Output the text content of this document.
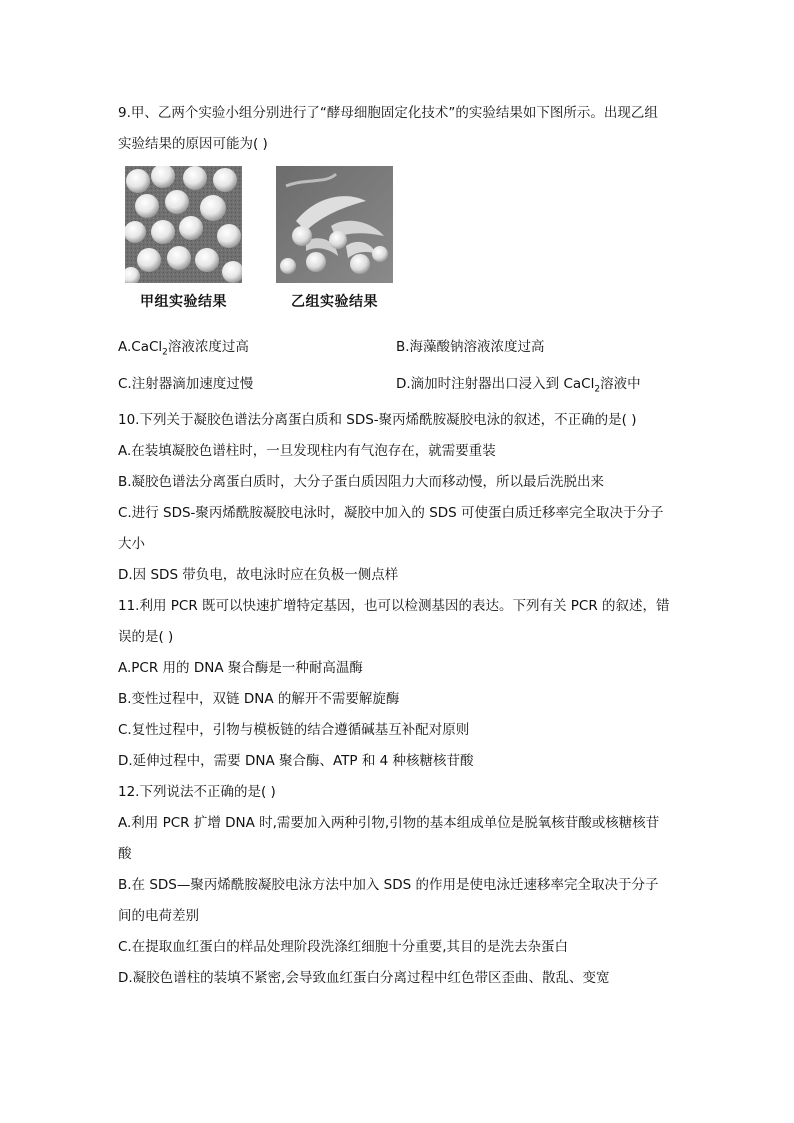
9.甲、乙两个实验小组分别进行了“酵母细胞固定化技术”的实验结果如下图所示。出现乙组
实验结果的原因可能为( )
甲组实验结果	乙组实验结果
A.CaCl$_2$溶液浓度过高	B.海藻酸钠溶液浓度过高
C.注射器滴加速度过慢	D.滴加时注射器出口浸入到 CaCl$_2$溶液中
10.下列关于凝胶色谱法分离蛋白质和 SDS-聚丙烯酰胺凝胶电泳的叙述，不正确的是( )
A.在装填凝胶色谱柱时，一旦发现柱内有气泡存在，就需要重装
B.凝胶色谱法分离蛋白质时，大分子蛋白质因阻力大而移动慢，所以最后洗脱出来
C.进行 SDS-聚丙烯酰胺凝胶电泳时，凝胶中加入的 SDS 可使蛋白质迁移率完全取决于分子
大小
D.因 SDS 带负电，故电泳时应在负极一侧点样
11.利用 PCR 既可以快速扩增特定基因，也可以检测基因的表达。下列有关 PCR 的叙述，错
误的是( )
A.PCR 用的 DNA 聚合酶是一种耐高温酶
B.变性过程中，双链 DNA 的解开不需要解旋酶
C.复性过程中，引物与模板链的结合遵循碱基互补配对原则
D.延伸过程中，需要 DNA 聚合酶、ATP 和 4 种核糖核苷酸
12.下列说法不正确的是( )
A.利用 PCR 扩增 DNA 时,需要加入两种引物,引物的基本组成单位是脱氧核苷酸或核糖核苷
酸
B.在 SDS—聚丙烯酰胺凝胶电泳方法中加入 SDS 的作用是使电泳迁速移率完全取决于分子
间的电荷差别
C.在提取血红蛋白的样品处理阶段洗涤红细胞十分重要,其目的是洗去杂蛋白
D.凝胶色谱柱的装填不紧密,会导致血红蛋白分离过程中红色带区歪曲、散乱、变宽
